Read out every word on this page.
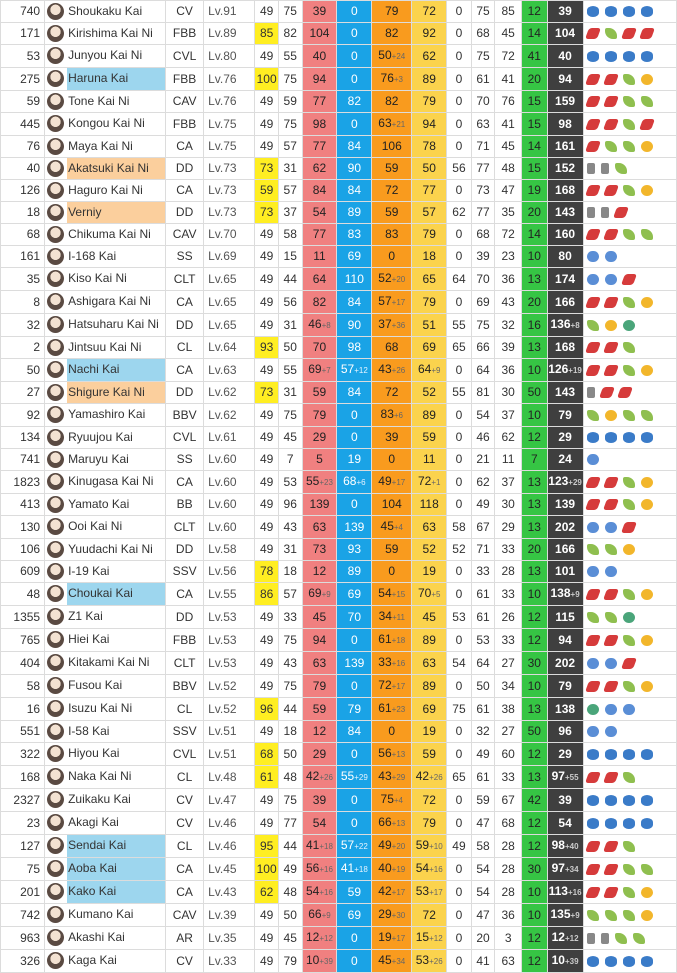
740	Shoukaku Kai	CV	Lv.91	49	75	39	0	79	72	0	75	85	12	39	
171	Kirishima Kai Ni	FBB	Lv.89	85	82	104	0	82	92	0	68	45	14	104	
53	Junyou Kai Ni	CVL	Lv.80	49	55	40	0	50+24	62	0	75	72	41	40	
275	Haruna Kai	FBB	Lv.76	100	75	94	0	76+3	89	0	61	41	20	94	
59	Tone Kai Ni	CAV	Lv.76	49	59	77	82	82	79	0	70	76	15	159	
445	Kongou Kai Ni	FBB	Lv.75	49	75	98	0	63+21	94	0	63	41	15	98	
76	Maya Kai Ni	CA	Lv.75	49	57	77	84	106	78	0	71	45	14	161	
40	Akatsuki Kai Ni	DD	Lv.73	73	31	62	90	59	50	56	77	48	15	152	
126	Haguro Kai Ni	CA	Lv.73	59	57	84	84	72	77	0	73	47	19	168	
18	Verniy	DD	Lv.73	73	37	54	89	59	57	62	77	35	20	143	
68	Chikuma Kai Ni	CAV	Lv.70	49	58	77	83	83	79	0	68	72	14	160	
161	I-168 Kai	SS	Lv.69	49	15	11	69	0	18	0	39	23	10	80	
35	Kiso Kai Ni	CLT	Lv.65	49	44	64	110	52+20	65	64	70	36	13	174	
8	Ashigara Kai Ni	CA	Lv.65	49	56	82	84	57+17	79	0	69	43	20	166	
32	Hatsuharu Kai Ni	DD	Lv.65	49	31	46+8	90	37+36	51	55	75	32	16	136+8	
2	Jintsuu Kai Ni	CL	Lv.64	93	50	70	98	68	69	65	66	39	13	168	
50	Nachi Kai	CA	Lv.63	49	55	69+7	57+12	43+26	64+9	0	64	36	10	126+19	
27	Shigure Kai Ni	DD	Lv.62	73	31	59	84	72	52	55	81	30	50	143	
92	Yamashiro Kai	BBV	Lv.62	49	75	79	0	83+6	89	0	54	37	10	79	
134	Ryuujou Kai	CVL	Lv.61	49	45	29	0	39	59	0	46	62	12	29	
741	Maruyu Kai	SS	Lv.60	49	7	5	19	0	11	0	21	11	7	24	
1823	Kinugasa Kai Ni	CA	Lv.60	49	53	55+23	68+6	49+17	72+1	0	62	37	13	123+29	
413	Yamato Kai	BB	Lv.60	49	96	139	0	104	118	0	49	30	13	139	
130	Ooi Kai Ni	CLT	Lv.60	49	43	63	139	45+4	63	58	67	29	13	202	
106	Yuudachi Kai Ni	DD	Lv.58	49	31	73	93	59	52	52	71	33	20	166	
609	I-19 Kai	SSV	Lv.56	78	18	12	89	0	19	0	33	28	13	101	
48	Choukai Kai	CA	Lv.55	86	57	69+9	69	54+15	70+5	0	61	33	10	138+9	
1355	Z1 Kai	DD	Lv.53	49	33	45	70	34+11	45	53	61	26	12	115	
765	Hiei Kai	FBB	Lv.53	49	75	94	0	61+18	89	0	53	33	12	94	
404	Kitakami Kai Ni	CLT	Lv.53	49	43	63	139	33+16	63	54	64	27	30	202	
58	Fusou Kai	BBV	Lv.52	49	75	79	0	72+17	89	0	50	34	10	79	
16	Isuzu Kai Ni	CL	Lv.52	96	44	59	79	61+23	69	75	61	38	13	138	
551	I-58 Kai	SSV	Lv.51	49	18	12	84	0	19	0	32	27	50	96	
322	Hiyou Kai	CVL	Lv.51	68	50	29	0	56+13	59	0	49	60	12	29	
168	Naka Kai Ni	CL	Lv.48	61	48	42+26	55+29	43+29	42+26	65	61	33	13	97+55	
2327	Zuikaku Kai	CV	Lv.47	49	75	39	0	75+4	72	0	59	67	42	39	
23	Akagi Kai	CV	Lv.46	49	77	54	0	66+13	79	0	47	68	12	54	
127	Sendai Kai	CL	Lv.46	95	44	41+18	57+22	49+20	59+10	49	58	28	12	98+40	
75	Aoba Kai	CA	Lv.45	100	49	56+16	41+18	40+19	54+16	0	54	28	30	97+34	
201	Kako Kai	CA	Lv.43	62	48	54+16	59	42+17	53+17	0	54	28	10	113+16	
742	Kumano Kai	CAV	Lv.39	49	50	66+9	69	29+30	72	0	47	36	10	135+9	
963	Akashi Kai	AR	Lv.35	49	45	12+12	0	19+17	15+12	0	20	3	12	12+12	
326	Kaga Kai	CV	Lv.33	49	79	10+39	0	45+34	53+26	0	41	63	12	10+39	
